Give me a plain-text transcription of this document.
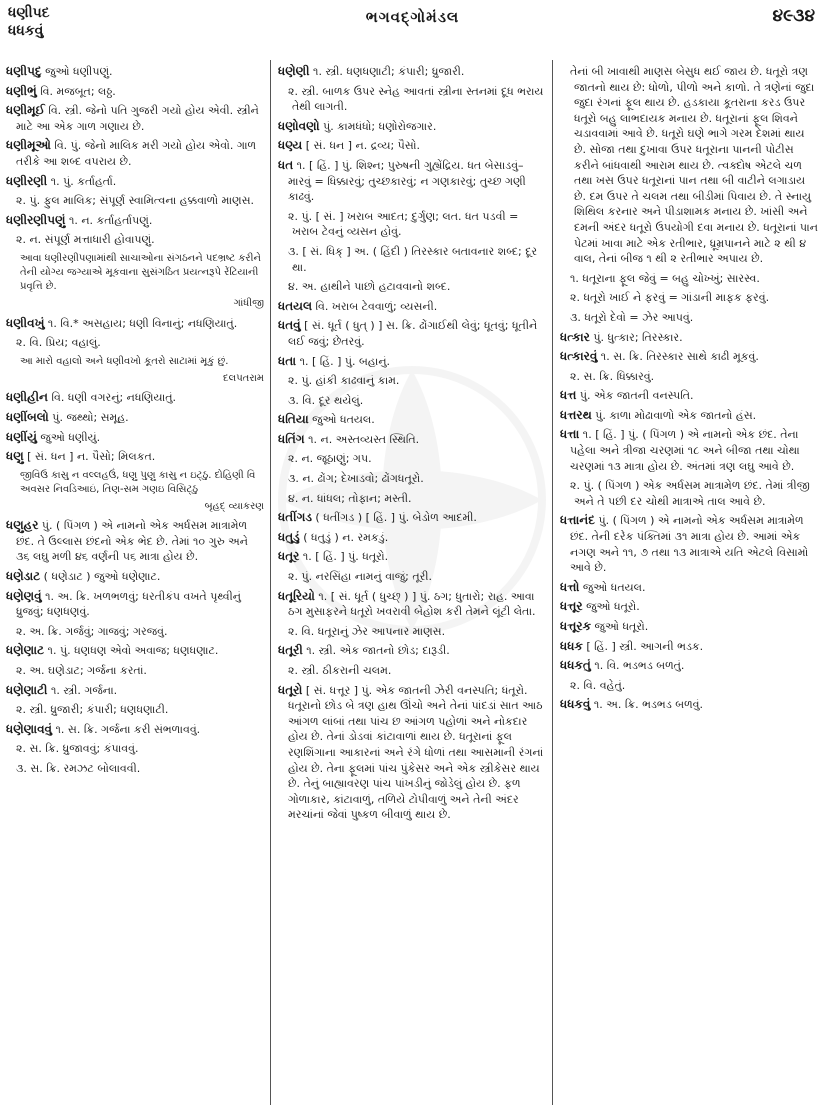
ધણીપદ
ધધકવું
ભગવદ્ગોમંડલ	૪૯૩૪
ધણીપદુ જુઓ ધણીપણું.
ધણીભું વિ. મજબૂત; લઠ્ઠ.
ધણીમૂઈ વિ. સ્ત્રી. જેનો પતિ ગુજરી ગયો હોય એવી. સ્ત્રીને માટે આ એક ગાળ ગણાય છે.
ધણીમૂઓ વિ. પું. જેનો માલિક મરી ગયો હોય એવો. ગાળ તરીકે આ શબ્દ વપરાય છે.
ધણીરણી ૧. પું. કર્તાહર્તા.
૨. પું. ફુલ માલિક; સંપૂર્ણ સ્વામિત્વના હક્કવાળો માણસ.
ધણીરણીપણું ૧. ન. કર્તાહર્તાપણું.
૨. ન. સંપૂર્ણ મત્તાધારી હોવાપણું.
આવા ધણીરણીપણામાંથી સાચાઓના સંગઠનને પદભ્રષ્ટ કરીને તેની યોગ્ય જગ્યાએ મૂકવાના સુસંગઠિત પ્રયત્નરૂપે રેંટિયાની પ્રવૃત્તિ છે.
ગાંધીજી
ધણીવખું ૧. વિ.* અસહાય; ધણી વિનાનું; નધણિયાતું.
૨. વિ. પ્રિય; વહાલું.
આ મારો વહાલો અને ધણીવખો કૂતરો સાટામાં મૂકું છું.
દલપતરામ
ધણીહીન વિ. ધણી વગરનું; નધણિયાતું.
ધણીંબલો પું. જથ્થો; સમૂહ.
ધણીંયું જુઓ ધણીયું.
ધણુ [ સં. ધન ] ન. પૈસો; મિલકત.
જીવિઉ કાસુ ન વલ્લહઉં, ધણુ પુણુ કાસુ ન ઇટ્ઠુ. દોહિણી વિ અવસર નિવડિઆઇં, તિણ-સમ ગણઇ વિસિટ્ઠુ
બૃહદ્ વ્યાકરણ
ધણુહર પું. ( પિંગળ ) એ નામનો એક અર્ધસમ માત્રામેળ છંદ. તે ઉલ્લાસ છંદનો એક ભેદ છે. તેમાં ૧૦ ગુરુ અને ૩૬ લઘુ મળી ૪૬ વર્ણની ૫૬ માત્રા હોય છે.
ધણેડાટ ( ધણેડાટ ) જુઓ ધણેણાટ.
ધણેણવું ૧. અ. ક્રિ. ખળભળવું; ધરતીકંપ વખતે પૃથ્વીનું ધ્રુજવું; ધણધણવું.
૨. અ. ક્રિ. ગર્જવું; ગાજવું; ગરજવું.
ધણેણાટ ૧. પું. ધણધણ એવો અવાજ; ધણધણાટ.
૨. અ. ઘણેડાટ; ગર્જના કરતાં.
ધણેણાટી ૧. સ્ત્રી. ગર્જના.
૨. સ્ત્રી. ધ્રુજારી; કંપારી; ધણધણાટી.
ધણેણાવવું ૧. સ. ક્રિ. ગર્જના કરી સંભળાવવું.
૨. સ. ક્રિ. ધ્રુજાવવું; કંપાવવું.
૩. સ. ક્રિ. રમઝટ બોલાવવી.
ધણેણી ૧. સ્ત્રી. ધણધણાટી; કંપારી; ધ્રુજારી.
૨. સ્ત્રી. બાળક ઉપર સ્નેહ આવતાં સ્ત્રીના સ્તનમાં દૂધ ભરાય તેથી લાગતી.
ધણોવણો પું. કામધંધો; ધણોરોજગાર.
ધણ્ય [ સં. ધન ] ન. દ્રવ્ય; પૈસો.
ધત ૧. [ હિં. ] પું. શિશ્ન; પુરુષની ગુહ્યેંદ્રિય. ધત બેસાડવું–મારવું = ધિક્કારવું; તુચ્છકારવું; ન ગણકારવું; તુચ્છ ગણી કાઢવું.
૨. પું. [ સં. ] ખરાબ આદત; દુર્ગુણ; લત. ધત પડવી = ખરાબ ટેવનું વ્યસન હોવું.
૩. [ સં. ધિક્ ] અ. ( હિંદી ) તિરસ્કાર બતાવનાર શબ્દ; દૂર થા.
૪. અ. હાથીને પાછો હટાવવાનો શબ્દ.
ધતયલ વિ. ખરાબ ટેવવાળું; વ્યસની.
ધતવું [ સં. ધૂર્ત ( ધુત્ ) ] સ. ક્રિ. ઢોંગાઈથી લેવું; ધૂતવું; ધૂતીને લઈ જવું; છેતરવું.
ધતા ૧. [ હિં. ] પું. બહાનું.
૨. પું. હાંકી કાઢવાનું કામ.
૩. વિ. દૂર થયેલું.
ધતિયા જુઓ ધતયલ.
ધતિંગ ૧. ન. અસ્તવ્યસ્ત સ્થિતિ.
૨. ન. જૂઠાણું; ગપ.
૩. ન. ઢોંગ; દેખાડવો; ઢોંગધતૂરો.
૪. ન. ધાંધલ; તોફાન; મસ્તી.
ધતીંગડ ( ધતીંગડ ) [ હિં. ] પું. બેડોળ આદમી.
ધતુડું ( ધતુડું ) ન. રમકડું.
ધતૂર ૧. [ હિં. ] પું. ધતૂરો.
૨. પું. નરસિંહા નામનું વાજું; તૂરી.
ધતૂરિયો ૧. [ સં. ધૂર્ત ( ધુચ્છ્ ) ] પું. ઠગ; ધુતારો; રાહ. આવા ઠગ મુસાફરને ધતૂરો ખવરાવી બેહોશ કરી તેમને લૂંટી લેતા.
૨. વિ. ધતૂરાનું ઝેર આપનાર માણસ.
ધતૂરી ૧. સ્ત્રી. એક જાતનો છોડ; દારૂડી.
૨. સ્ત્રી. ઠીકરાની ચલમ.
ધતૂરો [ સં. ધત્તૂર ] પું. એક જાતની ઝેરી વનસ્પતિ; ધંતૂરો. ધતૂરાનો છોડ બે ત્રણ હાથ ઊંચો અને તેનાં પાંદડાં સાત આઠ આંગળ લાંબાં તથા પાંચ છ આંગળ પહોળાં અને નોકદાર હોય છે. તેનાં ડોડવાં કાંટાવાળાં થાય છે. ધતૂરાનાં ફૂલ રણશિંગાના આકારનાં અને રંગે ધોળાં તથા આસમાની રંગનાં હોય છે. તેના ફૂલમાં પાંચ પુંકેસર અને એક સ્ત્રીકેસર થાય છે. તેનું બાહ્યાવરણ પાંચ પાંખડીનું જોડેલું હોય છે. ફળ ગોળાકાર, કાંટાવાળું, તળિયે ટોપીવાળું અને તેની અંદર મરચાંનાં જેવાં પુષ્કળ બીવાળું થાય છે.
તેનાં બી ખાવાથી માણસ બેસુધ થઈ જાય છે. ધતૂરો ત્રણ જાતનો થાય છે: ધોળો, પીળો અને કાળો. તે ત્રણેનાં જુદા જુદા રંગનાં ફૂલ થાય છે. હડકાયા કૂતરાના કરડ ઉપર ધતૂરો બહુ લાભદાયક મનાય છે. ધતૂરાનાં ફૂલ શિવને ચડાવવામાં આવે છે. ધતૂરો ઘણે ભાગે ગરમ દેશમાં થાય છે. સોજા તથા દુખાવા ઉપર ધતૂરાના પાનની પોટીસ કરીને બાંધવાથી આરામ થાય છે. ત્વક્દોષ એટલે ચળ તથા ખસ ઉપર ધતૂરાનાં પાન તથા બી વાટીને લગાડાય છે. દમ ઉપર તે ચલમ તથા બીડીમાં પિવાય છે. તે સ્નાયુ શિથિલ કરનાર અને પીડાશામક મનાય છે. ખાંસી અને દમની અંદર ધતૂરો ઉપયોગી દવા મનાય છે. ધતૂરાનાં પાન પેટમાં ખાવા માટે એક રતીભાર, ધ્રૂમ્રપાનને માટે ૨ થી ૪ વાલ, તેનાં બીજ ૧ થી ૨ રતીભાર અપાય છે.
૧. ધતૂરાના ફૂલ જેવું = બહુ ચોખ્ખું; સારસ્વ.
૨. ધતૂરો ખાઈ ને ફરવું = ગાંડાની માફક ફરવું.
૩. ધતૂરો દેવો = ઝેર આપવું.
ધત્કાર પું. ધુત્કાર; તિરસ્કાર.
ધત્કારવું ૧. સ. ક્રિ. તિરસ્કાર સાથે કાઢી મૂકવું.
૨. સ. ક્રિ. ધિક્કારવું.
ધત્ત પું. એક જાતની વનસ્પતિ.
ધત્તરથ પું. કાળા મોઢાવાળો એક જાતનો હંસ.
ધત્તા ૧. [ હિં. ] પું. ( પિંગળ ) એ નામનો એક છંદ. તેના પહેલા અને ત્રીજા ચરણમાં ૧૮ અને બીજા તથા ચોથા ચરણમાં ૧૩ માત્રા હોય છે. અંતમાં ત્રણ લઘુ આવે છે.
૨. પું. ( પિંગળ ) એક અર્ધસમ માત્રામેળ છંદ. તેમાં ત્રીજી અને તે પછી દર ચોથી માત્રાએ તાલ આવે છે.
ધત્તાનંદ પું. ( પિંગળ ) એ નામનો એક અર્ધસમ માત્રામેળ છંદ. તેની દરેક પંક્તિમાં ૩૧ માત્રા હોય છે. આમાં એક નગણ અને ૧૧, ૭ તથા ૧૩ માત્રાએ યતિ એટલે વિસામો આવે છે.
ધત્તો જુઓ ધતયલ.
ધત્તૂર જુઓ ધતૂરો.
ધત્તૂરક જુઓ ધતૂરો.
ધધક [ હિં. ] સ્ત્રી. આગની ભડક.
ધધકતું ૧. વિ. ભડભડ બળતું.
૨. વિ. વહેતું.
ધધકવું ૧. અ. ક્રિ. ભડભડ બળવું.
